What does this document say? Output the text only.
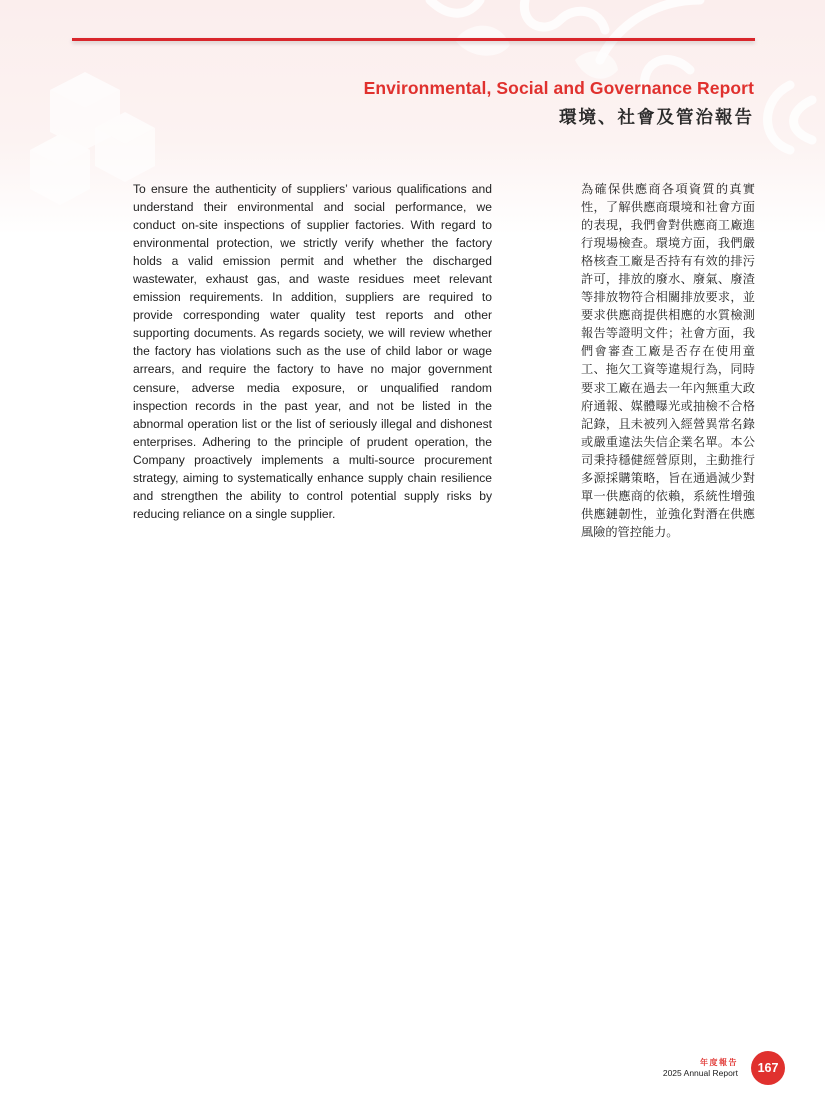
Environmental, Social and Governance Report
環境、社會及管治報告
To ensure the authenticity of suppliers’ various qualifications and understand their environmental and social performance, we conduct on-site inspections of supplier factories. With regard to environmental protection, we strictly verify whether the factory holds a valid emission permit and whether the discharged wastewater, exhaust gas, and waste residues meet relevant emission requirements. In addition, suppliers are required to provide corresponding water quality test reports and other supporting documents. As regards society, we will review whether the factory has violations such as the use of child labor or wage arrears, and require the factory to have no major government censure, adverse media exposure, or unqualified random inspection records in the past year, and not be listed in the abnormal operation list or the list of seriously illegal and dishonest enterprises. Adhering to the principle of prudent operation, the Company proactively implements a multi-source procurement strategy, aiming to systematically enhance supply chain resilience and strengthen the ability to control potential supply risks by reducing reliance on a single supplier.
為確保供應商各項資質的真實性，了解供應商環境和社會方面的表現，我們會對供應商工廠進行現場檢查。環境方面，我們嚴格核查工廠是否持有有效的排污許可，排放的廢水、廢氣、廢渣等排放物符合相關排放要求，並要求供應商提供相應的水質檢測報告等證明文件；社會方面，我們會審查工廠是否存在使用童工、拖欠工資等違規行為，同時要求工廠在過去一年內無重大政府通報、媒體曝光或抽檢不合格記錄，且未被列入經營異常名錄或嚴重違法失信企業名單。本公司秉持穩健經營原則，主動推行多源採購策略，旨在通過減少對單一供應商的依賴，系統性增強供應鏈韌性，並強化對潛在供應風險的管控能力。
年度報告
2025 Annual Report	167
